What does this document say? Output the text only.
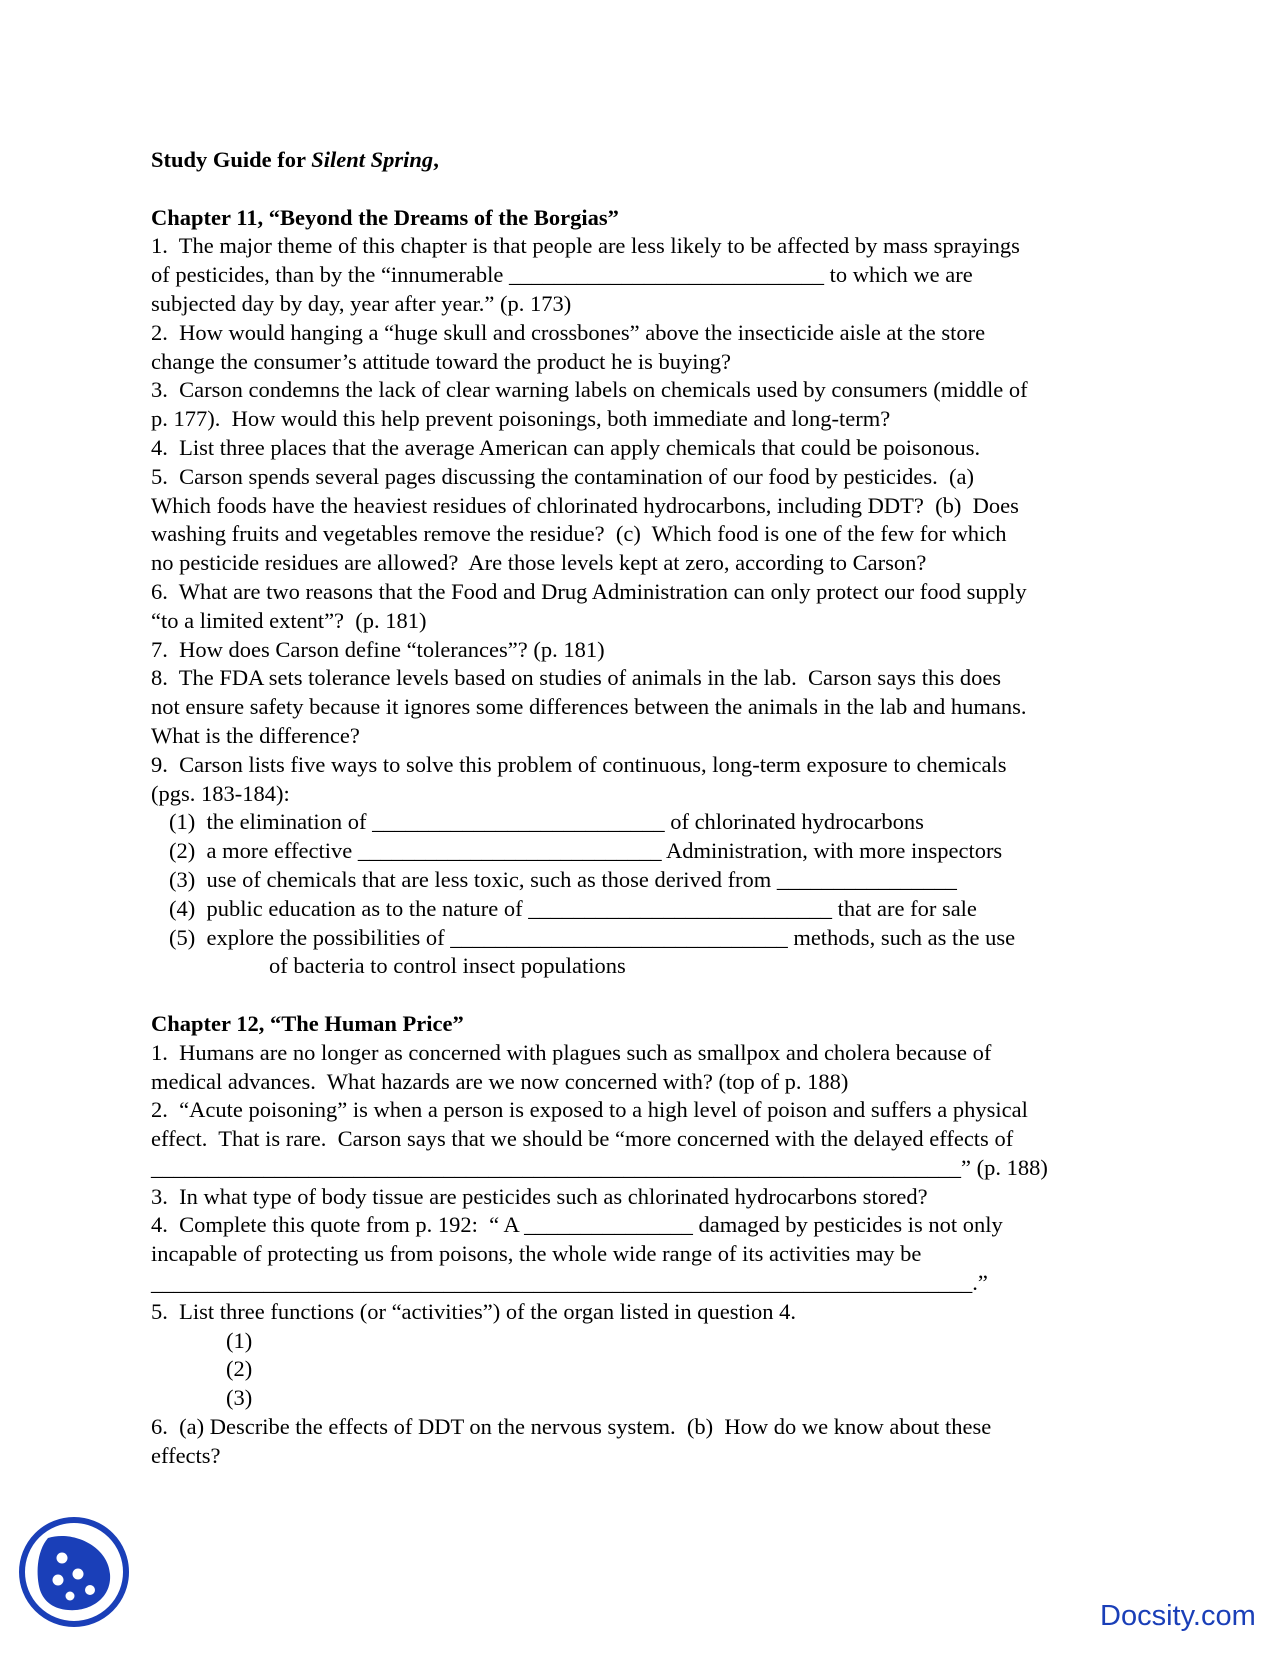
Study Guide for Silent Spring,
Chapter 11, “Beyond the Dreams of the Borgias”
1.  The major theme of this chapter is that people are less likely to be affected by mass sprayings
of pesticides, than by the “innumerable ____________________________ to which we are
subjected day by day, year after year.” (p. 173)
2.  How would hanging a “huge skull and crossbones” above the insecticide aisle at the store
change the consumer’s attitude toward the product he is buying?
3.  Carson condemns the lack of clear warning labels on chemicals used by consumers (middle of
p. 177).  How would this help prevent poisonings, both immediate and long-term?
4.  List three places that the average American can apply chemicals that could be poisonous.
5.  Carson spends several pages discussing the contamination of our food by pesticides.  (a)
Which foods have the heaviest residues of chlorinated hydrocarbons, including DDT?  (b)  Does
washing fruits and vegetables remove the residue?  (c)  Which food is one of the few for which
no pesticide residues are allowed?  Are those levels kept at zero, according to Carson?
6.  What are two reasons that the Food and Drug Administration can only protect our food supply
“to a limited extent”?  (p. 181)
7.  How does Carson define “tolerances”? (p. 181)
8.  The FDA sets tolerance levels based on studies of animals in the lab.  Carson says this does
not ensure safety because it ignores some differences between the animals in the lab and humans.
What is the difference?
9.  Carson lists five ways to solve this problem of continuous, long-term exposure to chemicals
(pgs. 183-184):
(1)  the elimination of __________________________ of chlorinated hydrocarbons
(2)  a more effective ___________________________ Administration, with more inspectors
(3)  use of chemicals that are less toxic, such as those derived from ________________
(4)  public education as to the nature of ___________________________ that are for sale
(5)  explore the possibilities of ______________________________ methods, such as the use
of bacteria to control insect populations
Chapter 12, “The Human Price”
1.  Humans are no longer as concerned with plagues such as smallpox and cholera because of
medical advances.  What hazards are we now concerned with? (top of p. 188)
2.  “Acute poisoning” is when a person is exposed to a high level of poison and suffers a physical
effect.  That is rare.  Carson says that we should be “more concerned with the delayed effects of
________________________________________________________________________” (p. 188)
3.  In what type of body tissue are pesticides such as chlorinated hydrocarbons stored?
4.  Complete this quote from p. 192:  “ A _______________ damaged by pesticides is not only
incapable of protecting us from poisons, the whole wide range of its activities may be
_________________________________________________________________________.”
5.  List three functions (or “activities”) of the organ listed in question 4.
(1)
(2)
(3)
6.  (a) Describe the effects of DDT on the nervous system.  (b)  How do we know about these
effects?
Docsity.com
